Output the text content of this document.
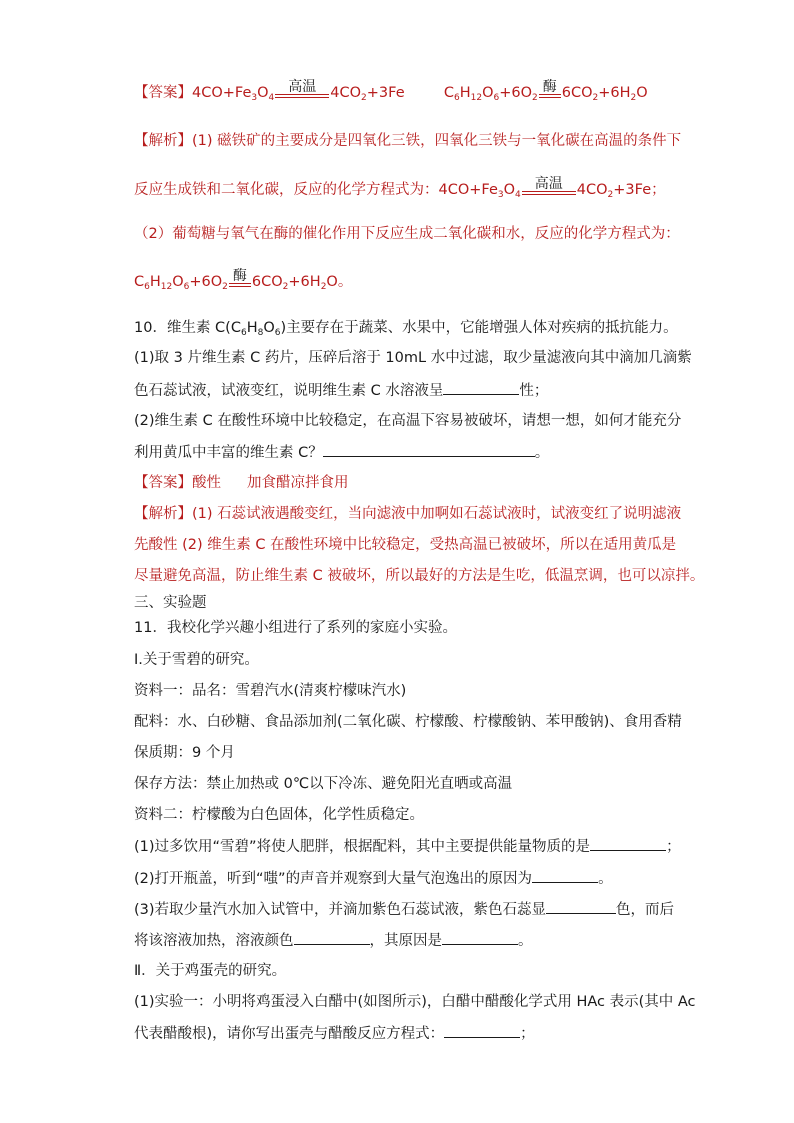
【答案】$4CO+Fe_3O_4$
高温 $4CO_2+3Fe$	$C_6H_{12}O_6+6O_2$
酶 $6CO_2+6H_2O$
【解析】(1) 磁铁矿的主要成分是四氧化三铁，四氧化三铁与一氧化碳在高温的条件下
反应生成铁和二氧化碳，反应的化学方程式为：$4CO+Fe_3O_4$
高温 $4CO_2+3Fe$；
（2）葡萄糖与氧气在酶的催化作用下反应生成二氧化碳和水，反应的化学方程式为：
$C_6H_{12}O_6+6O_2$
酶 $6CO_2+6H_2O$。
10．维生素 $C(C_6H_8O_6)$主要存在于蔬菜、水果中，它能增强人体对疾病的抵抗能力。
(1)取 3 片维生素 C 药片，压碎后溶于 10mL 水中过滤，取少量滤液向其中滴加几滴紫
色石蕊试液，试液变红，说明维生素 C 水溶液呈	性；
(2)维生素 C 在酸性环境中比较稳定，在高温下容易被破坏，请想一想，如何才能充分
利用黄瓜中丰富的维生素 C？	。
【答案】酸性 加食醋凉拌食用
【解析】(1) 石蕊试液遇酸变红，当向滤液中加啊如石蕊试液时，试液变红了说明滤液
先酸性 (2) 维生素 C 在酸性环境中比较稳定，受热高温已被破坏，所以在适用黄瓜是
尽量避免高温，防止维生素 C 被破坏，所以最好的方法是生吃，低温烹调，也可以凉拌。
三、实验题
11．我校化学兴趣小组进行了系列的家庭小实验。
Ⅰ.关于雪碧的研究。
资料一：品名：雪碧汽水(清爽柠檬味汽水)
配料：水、白砂糖、食品添加剂(二氧化碳、柠檬酸、柠檬酸钠、苯甲酸钠)、食用香精
保质期：9 个月
保存方法：禁止加热或 0℃以下冷冻、避免阳光直晒或高温
资料二：柠檬酸为白色固体，化学性质稳定。
(1)过多饮用“雪碧”将使人肥胖，根据配料，其中主要提供能量物质的是	；
(2)打开瓶盖，听到“嗤”的声音并观察到大量气泡逸出的原因为	。
(3)若取少量汽水加入试管中，并滴加紫色石蕊试液，紫色石蕊显	色，而后
将该溶液加热，溶液颜色	，其原因是	。
Ⅱ．关于鸡蛋壳的研究。
(1)实验一：小明将鸡蛋浸入白醋中(如图所示)，白醋中醋酸化学式用 HAc 表示(其中 Ac
代表醋酸根)，请你写出蛋壳与醋酸反应方程式：	；
